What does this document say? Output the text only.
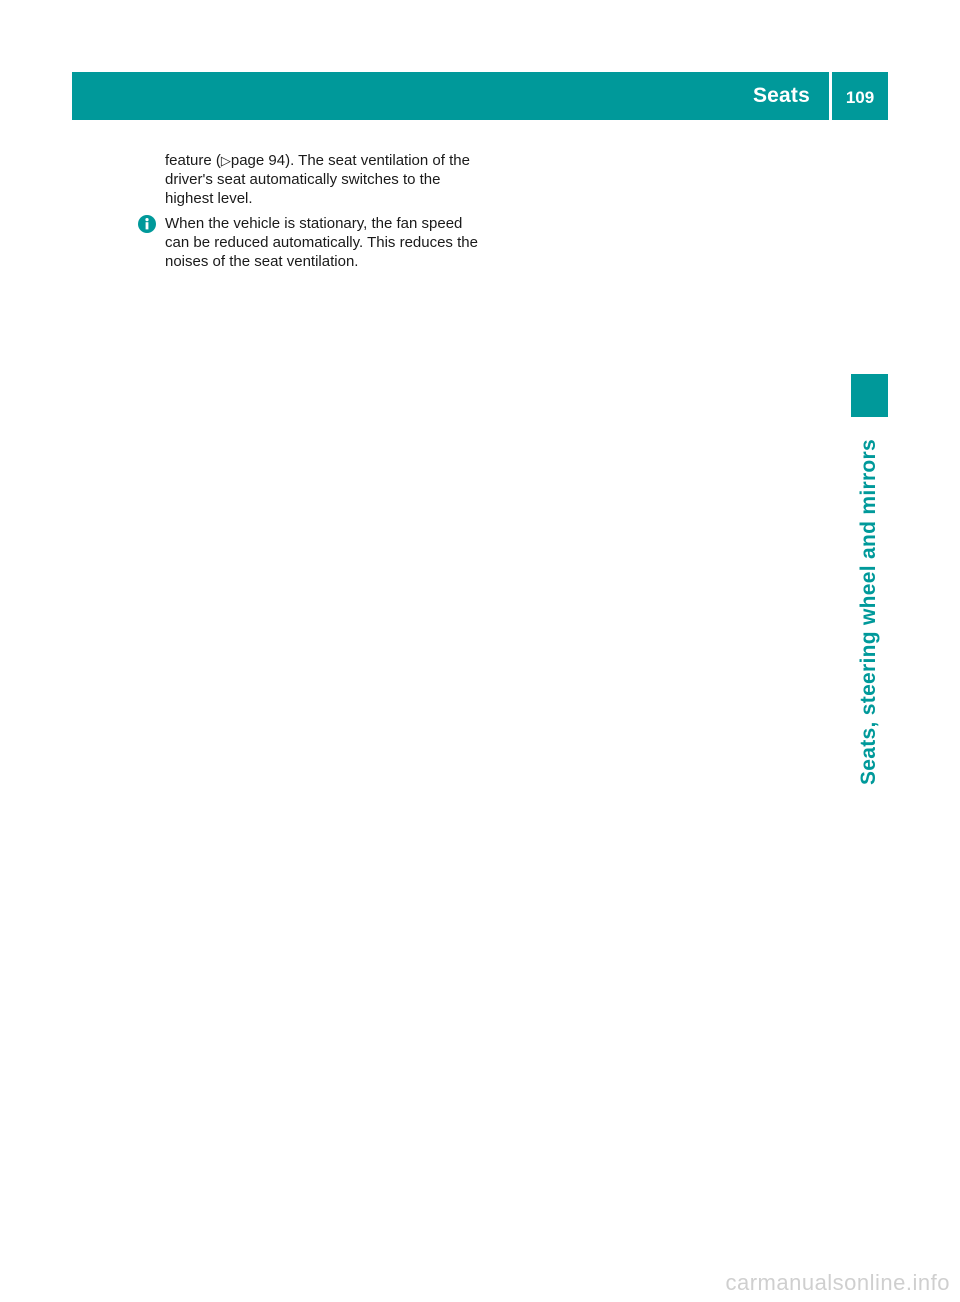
Seats	109

feature (▷page 94). The seat ventilation of the driver's seat automatically switches to the highest level.

When the vehicle is stationary, the fan speed can be reduced automatically. This reduces the noises of the seat ventilation.

Seats, steering wheel and mirrors
carmanualsonline.info
